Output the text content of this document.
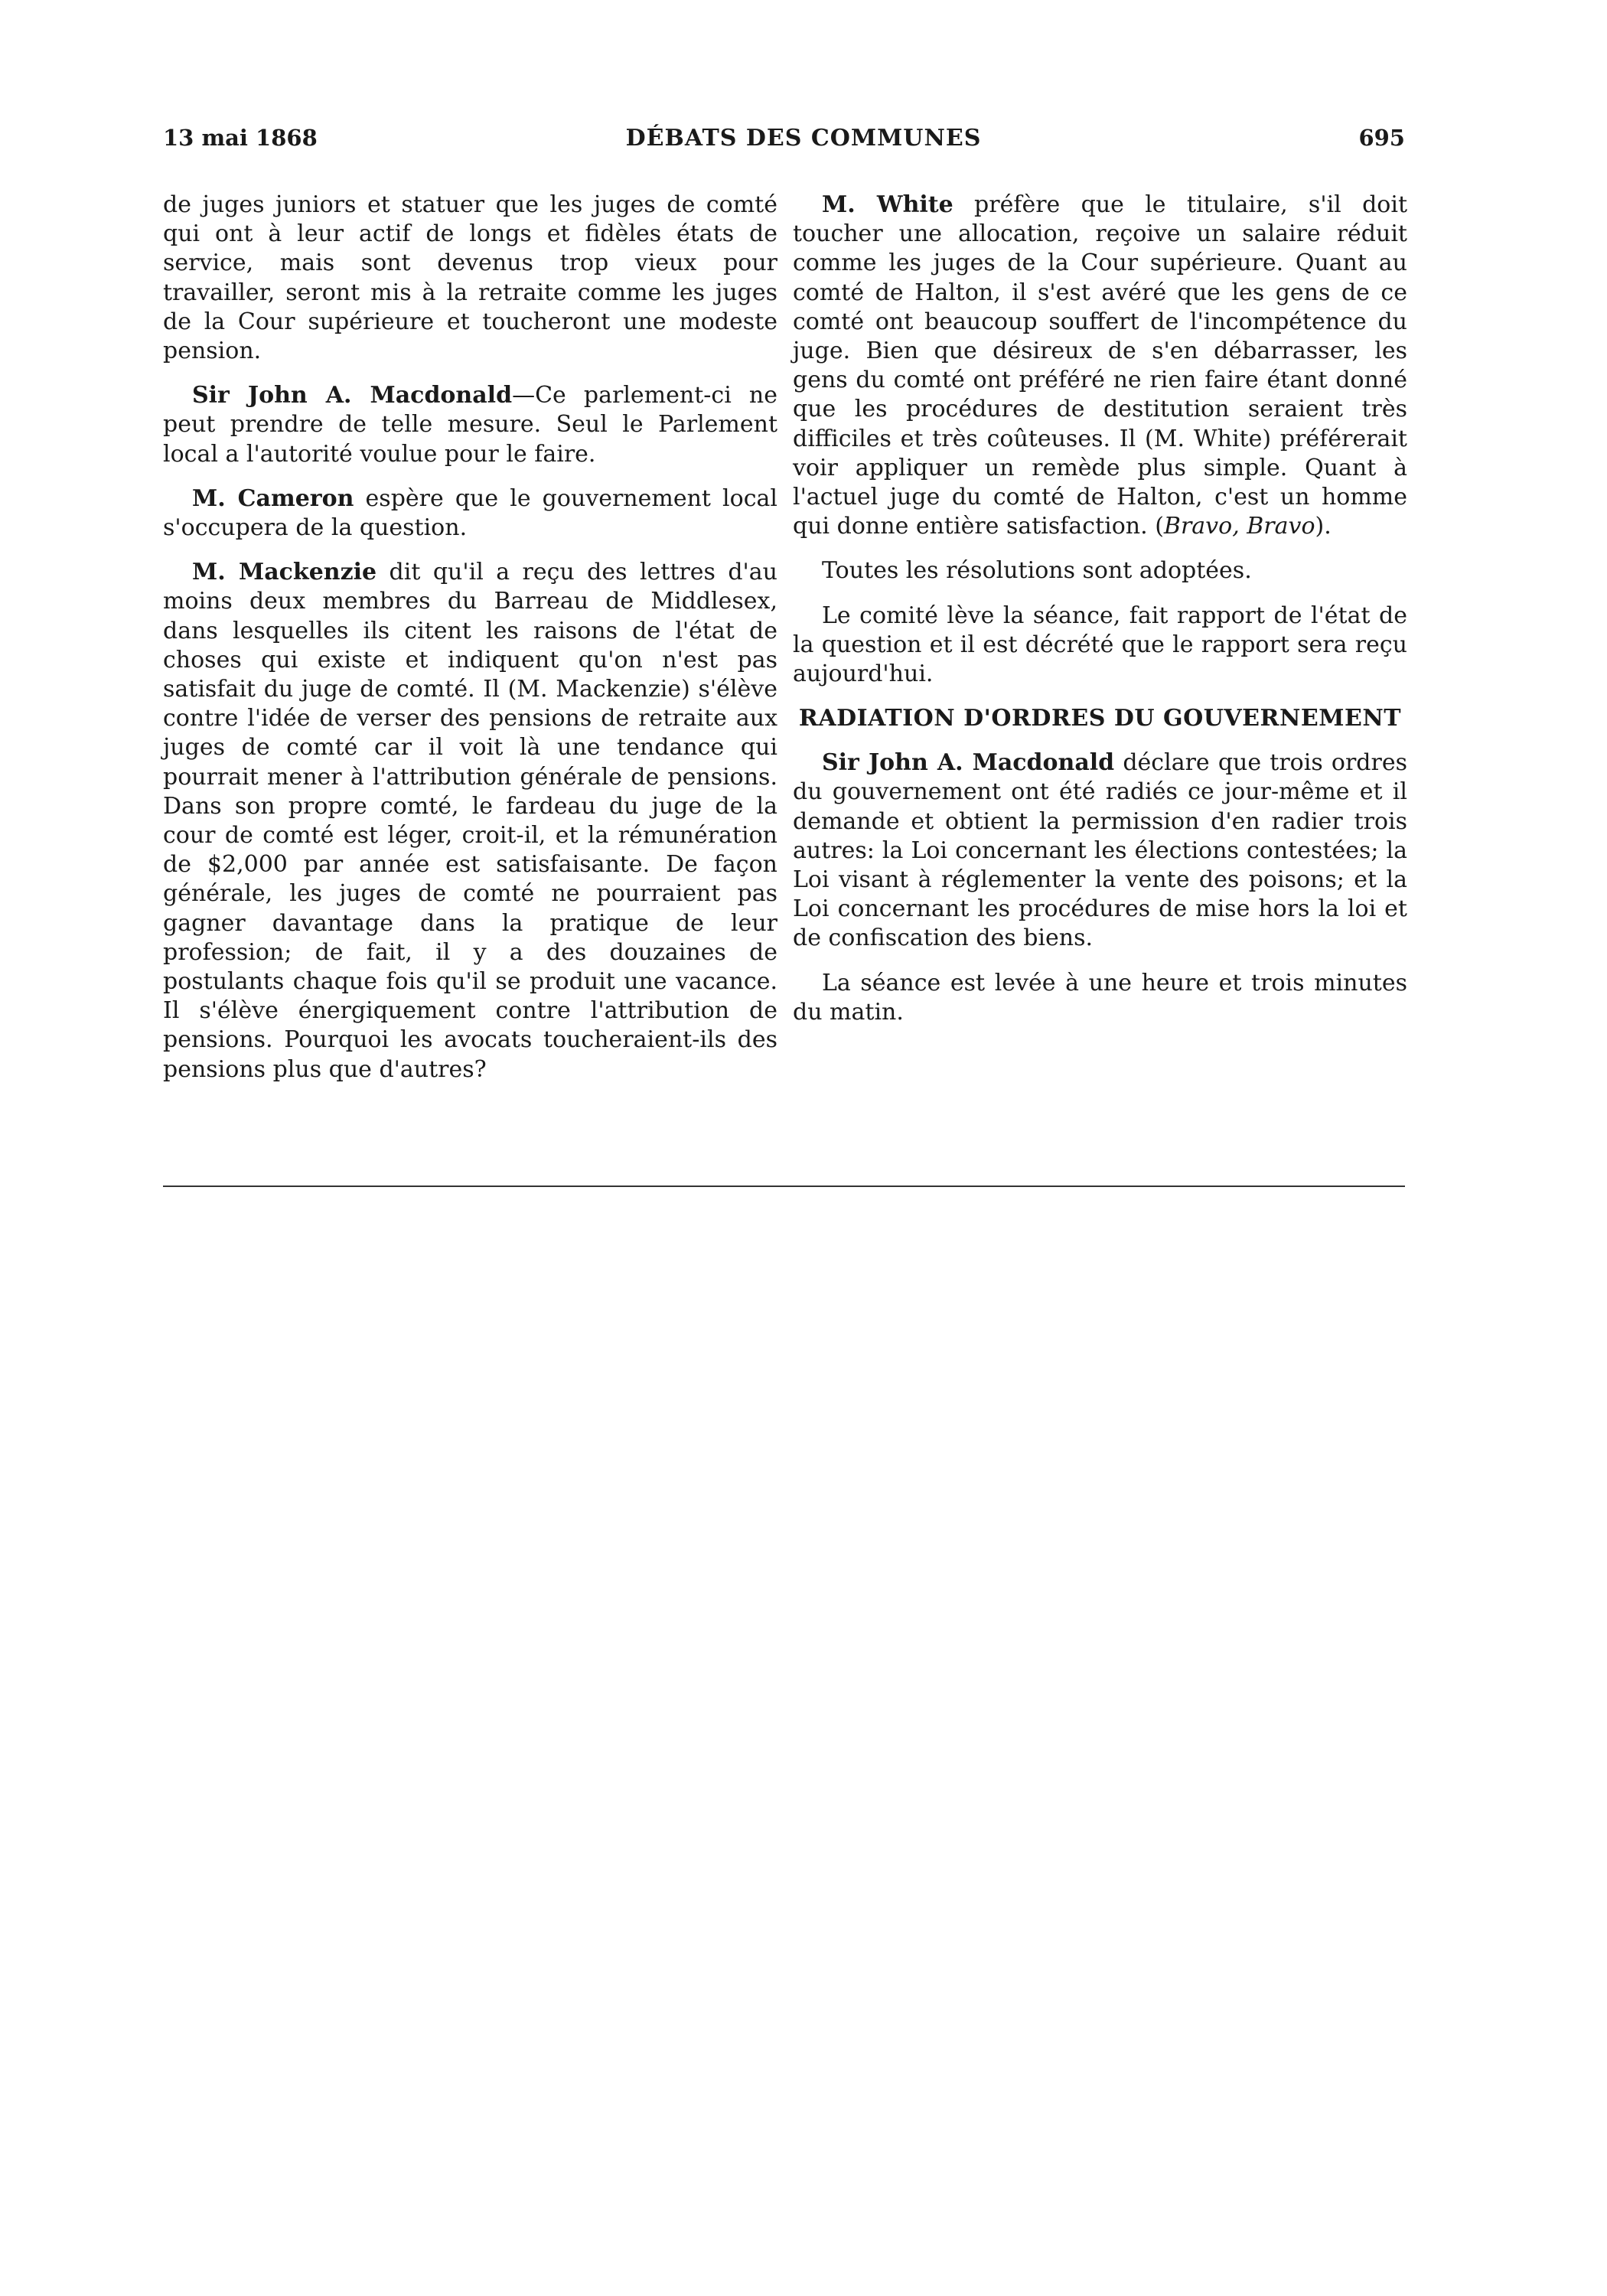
13 mai 1868	DÉBATS DES COMMUNES	695

de juges juniors et statuer que les juges de comté qui ont à leur actif de longs et fidèles états de service, mais sont devenus trop vieux pour travailler, seront mis à la retraite comme les juges de la Cour supérieure et toucheront une modeste pension.

Sir John A. Macdonald—Ce parlement-ci ne peut prendre de telle mesure. Seul le Parlement local a l'autorité voulue pour le faire.

M. Cameron espère que le gouvernement local s'occupera de la question.

M. Mackenzie dit qu'il a reçu des lettres d'au moins deux membres du Barreau de Middlesex, dans lesquelles ils citent les raisons de l'état de choses qui existe et indiquent qu'on n'est pas satisfait du juge de comté. Il (M. Mackenzie) s'élève contre l'idée de verser des pensions de retraite aux juges de comté car il voit là une tendance qui pourrait mener à l'attribution générale de pensions. Dans son propre comté, le fardeau du juge de la cour de comté est léger, croit-il, et la rémunération de $2,000 par année est satisfaisante. De façon générale, les juges de comté ne pourraient pas gagner davantage dans la pratique de leur profession; de fait, il y a des douzaines de postulants chaque fois qu'il se produit une vacance. Il s'élève énergiquement contre l'attribution de pensions. Pourquoi les avocats toucheraient-ils des pensions plus que d'autres?

M. White préfère que le titulaire, s'il doit toucher une allocation, reçoive un salaire réduit comme les juges de la Cour supérieure. Quant au comté de Halton, il s'est avéré que les gens de ce comté ont beaucoup souffert de l'incompétence du juge. Bien que désireux de s'en débarrasser, les gens du comté ont préféré ne rien faire étant donné que les procédures de destitution seraient très difficiles et très coûteuses. Il (M. White) préférerait voir appliquer un remède plus simple. Quant à l'actuel juge du comté de Halton, c'est un homme qui donne entière satisfaction. (Bravo, Bravo).

Toutes les résolutions sont adoptées.

Le comité lève la séance, fait rapport de l'état de la question et il est décrété que le rapport sera reçu aujourd'hui.

RADIATION D'ORDRES DU GOUVERNEMENT

Sir John A. Macdonald déclare que trois ordres du gouvernement ont été radiés ce jour-même et il demande et obtient la permission d'en radier trois autres: la Loi concernant les élections contestées; la Loi visant à réglementer la vente des poisons; et la Loi concernant les procédures de mise hors la loi et de confiscation des biens.

La séance est levée à une heure et trois minutes du matin.
